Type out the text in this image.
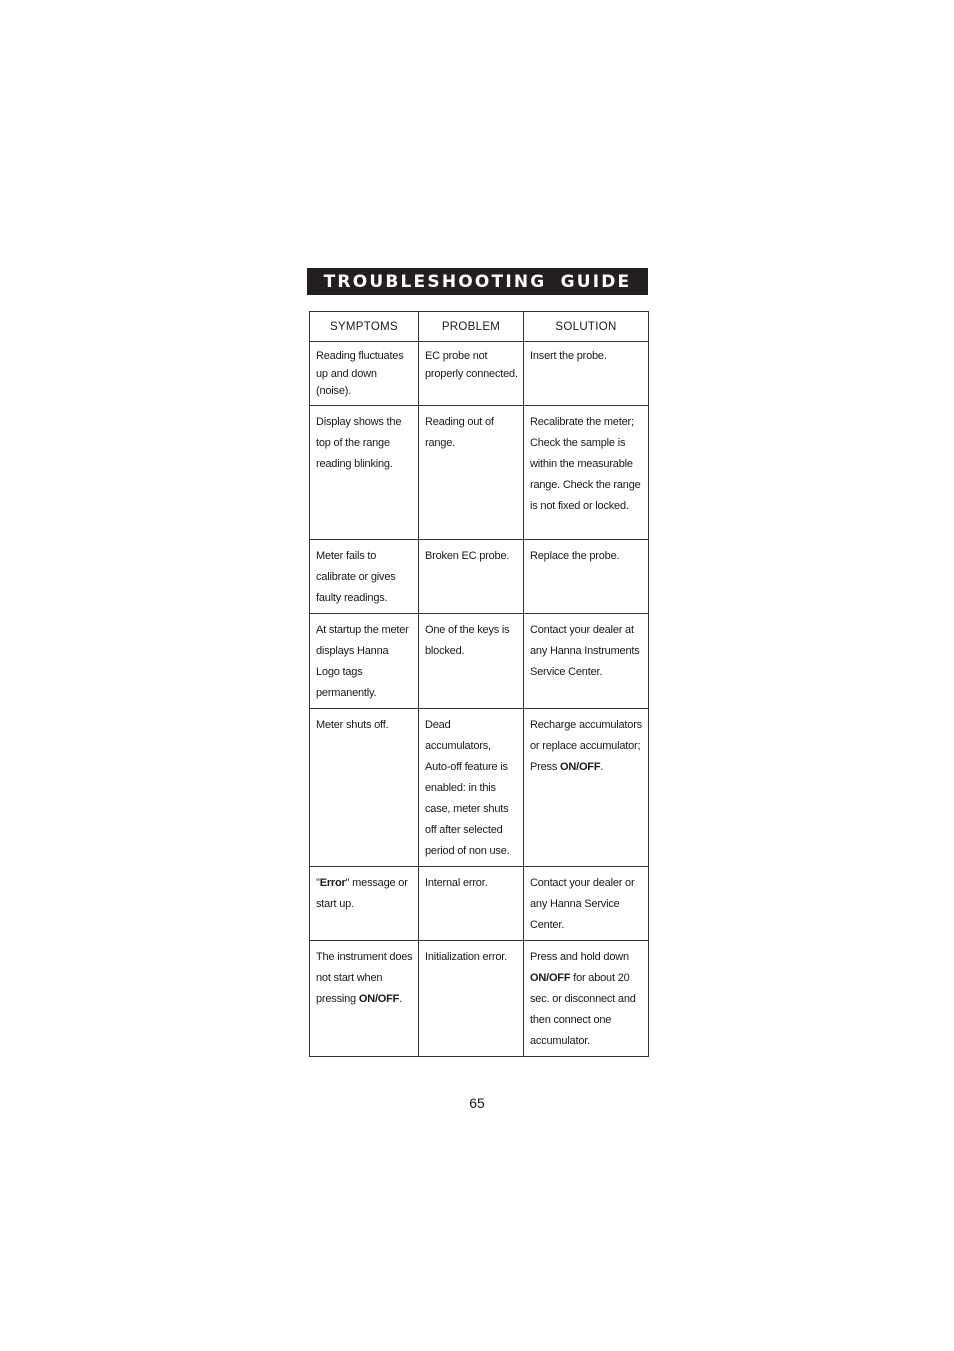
TROUBLESHOOTING GUIDE
SYMPTOMS	PROBLEM	SOLUTION

Reading fluctuates up and down (noise).	EC probe not properly connected.	Insert the probe.

Display shows the top of the range reading blinking.	Reading out of range.	Recalibrate the meter; Check the sample is within the measurable range. Check the range is not fixed or locked.

Meter fails to calibrate or gives faulty readings.	Broken EC probe.	Replace the probe.

At startup the meter displays Hanna Logo tags permanently.	One of the keys is blocked.	Contact your dealer at any Hanna Instruments Service Center.

Meter shuts off.	Dead accumulators, Auto-off feature is enabled: in this case, meter shuts off after selected period of non use.	Recharge accumulators or replace accumulator; Press ON/OFF.

"Error" message or start up.	Internal error.	Contact your dealer or any Hanna Service Center.

The instrument does not start when pressing ON/OFF.	Initialization error.	Press and hold down ON/OFF for about 20 sec. or disconnect and then connect one accumulator.
65
